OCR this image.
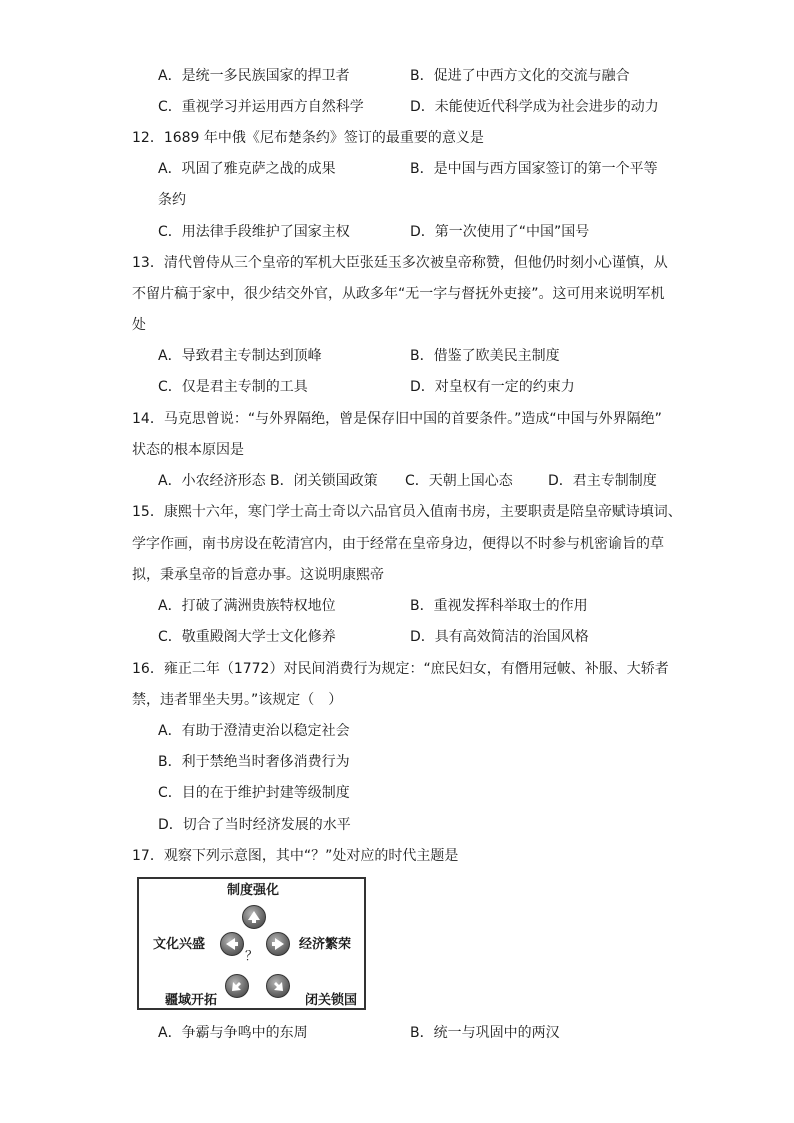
A．是统一多民族国家的捍卫者	B．促进了中西方文化的交流与融合
C．重视学习并运用西方自然科学	D．未能使近代科学成为社会进步的动力
12．1689 年中俄《尼布楚条约》签订的最重要的意义是
A．巩固了雅克萨之战的成果	B．是中国与西方国家签订的第一个平等
条约
C．用法律手段维护了国家主权	D．第一次使用了“中国”国号
13．清代曾侍从三个皇帝的军机大臣张廷玉多次被皇帝称赞，但他仍时刻小心谨慎，从
不留片稿于家中，很少结交外官，从政多年“无一字与督抚外吏接”。这可用来说明军机
处
A．导致君主专制达到顶峰	B．借鉴了欧美民主制度
C．仅是君主专制的工具	D．对皇权有一定的约束力
14．马克思曾说：“与外界隔绝，曾是保存旧中国的首要条件。”造成“中国与外界隔绝”
状态的根本原因是
A．小农经济形态 B．闭关锁国政策 C．天朝上国心态	D．君主专制制度
15．康熙十六年，寒门学士高士奇以六品官员入值南书房，主要职责是陪皇帝赋诗填词、
学字作画，南书房设在乾清宫内，由于经常在皇帝身边，便得以不时参与机密谕旨的草
拟，秉承皇帝的旨意办事。这说明康熙帝
A．打破了满洲贵族特权地位	B．重视发挥科举取士的作用
C．敬重殿阁大学士文化修养	D．具有高效简洁的治国风格
16．雍正二年（1772）对民间消费行为规定：“庶民妇女，有僭用冠帔、补服、大轿者
禁，违者罪坐夫男。”该规定（　）
A．有助于澄清吏治以稳定社会
B．利于禁绝当时奢侈消费行为
C．目的在于维护封建等级制度
D．切合了当时经济发展的水平
17．观察下列示意图，其中“？”处对应的时代主题是
制度强化
文化兴盛	经济繁荣
疆域开拓	闭关锁国
？
A．争霸与争鸣中的东周	B．统一与巩固中的两汉
